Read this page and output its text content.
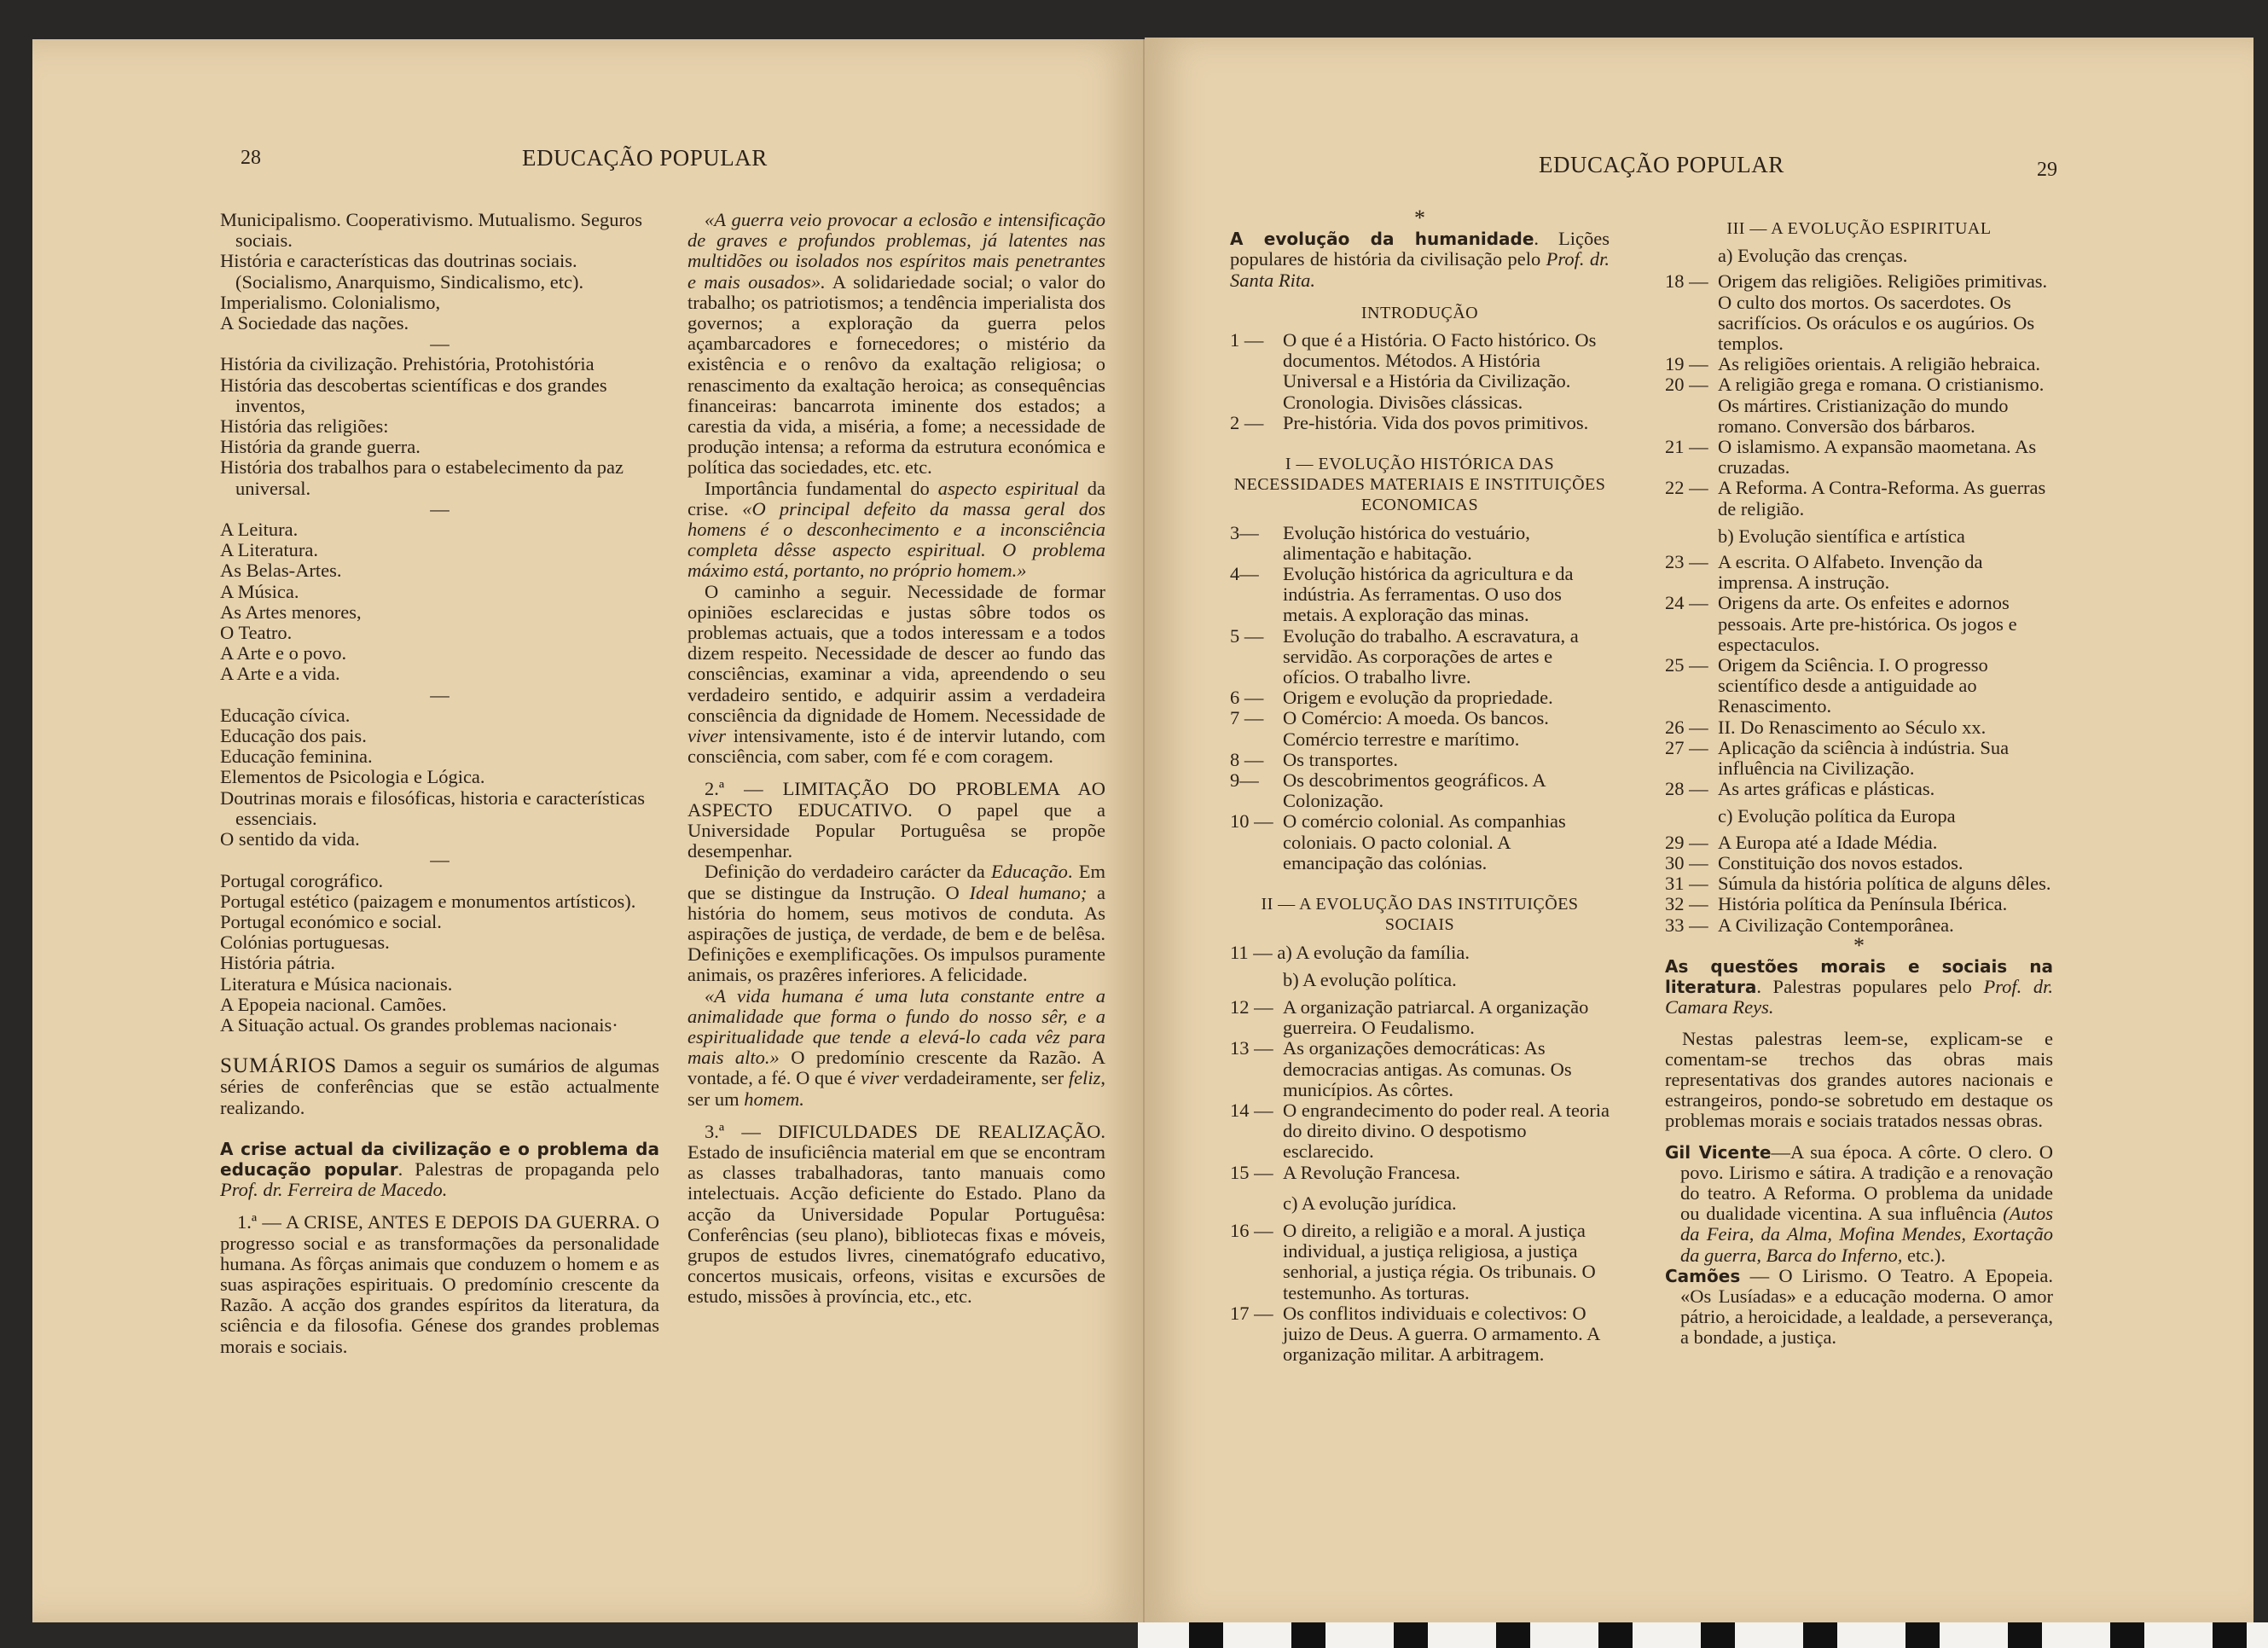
28	EDUCAÇÃO POPULAR

Municipalismo. Cooperativismo. Mutualismo. Seguros sociais.

História e características das doutrinas sociais. (Socialismo, Anarquismo, Sindicalismo, etc).

Imperialismo. Colonialismo,

A Sociedade das nações.

—

História da civilização. Prehistória, Protohistória

História das descobertas scientíficas e dos grandes inventos,

História das religiões:

História da grande guerra.

História dos trabalhos para o estabelecimento da paz universal.

—

A Leitura.

A Literatura.

As Belas-Artes.

A Música.

As Artes menores,

O Teatro.

A Arte e o povo.

A Arte e a vida.

—

Educação cívica.

Educação dos pais.

Educação feminina.

Elementos de Psicologia e Lógica.

Doutrinas morais e filosóficas, historia e características essenciais.

O sentido da vida.

—

Portugal corográfico.

Portugal estético (paizagem e monumentos artísticos).

Portugal económico e social.

Colónias portuguesas.

História pátria.

Literatura e Música nacionais.

A Epopeia nacional. Camões.

A Situação actual. Os grandes problemas nacionais·

SUMÁRIOS Damos a seguir os sumários de algumas séries de conferências que se estão actualmente realizando.

A crise actual da civilização e o problema da educação popular. Palestras de propaganda pelo Prof. dr. Ferreira de Macedo.

1.ª — A CRISE, ANTES E DEPOIS DA GUERRA. O progresso social e as transformações da personalidade humana. As fôrças animais que conduzem o homem e as suas aspirações espirituais. O predomínio crescente da Razão. A acção dos grandes espíritos da literatura, da sciência e da filosofia. Génese dos grandes problemas morais e sociais.

«A guerra veio provocar a eclosão e intensificação de graves e profundos problemas, já latentes nas multidões ou isolados nos espíritos mais penetrantes e mais ousados». A solidariedade social; o valor do trabalho; os patriotismos; a tendência imperialista dos governos; a exploração da guerra pelos açambarcadores e fornecedores; o mistério da existência e o renôvo da exaltação religiosa; o renascimento da exaltação heroica; as consequências financeiras: bancarrota iminente dos estados; a carestia da vida, a miséria, a fome; a necessidade de produção intensa; a reforma da estrutura económica e política das sociedades, etc. etc.

Importância fundamental do aspecto espiritual da crise. «O principal defeito da massa geral dos homens é o desconhecimento e a inconsciência completa dêsse aspecto espiritual. O problema máximo está, portanto, no próprio homem.»

O caminho a seguir. Necessidade de formar opiniões esclarecidas e justas sôbre todos os problemas actuais, que a todos interessam e a todos dizem respeito. Necessidade de descer ao fundo das consciências, examinar a vida, apreendendo o seu verdadeiro sentido, e adquirir assim a verdadeira consciência da dignidade de Homem. Necessidade de viver intensivamente, isto é de intervir lutando, com consciência, com saber, com fé e com coragem.

2.ª — LIMITAÇÃO DO PROBLEMA AO ASPECTO EDUCATIVO. O papel que a Universidade Popular Portuguêsa se propõe desempenhar.

Definição do verdadeiro carácter da Educação. Em que se distingue da Instrução. O Ideal humano; a história do homem, seus motivos de conduta. As aspirações de justiça, de verdade, de bem e de belêsa. Definições e exemplificações. Os impulsos puramente animais, os prazêres inferiores. A felicidade.

«A vida humana é uma luta constante entre a animalidade que forma o fundo do nosso sêr, e a espiritualidade que tende a elevá-lo cada vêz para mais alto.» O predomínio crescente da Razão. A vontade, a fé. O que é viver verdadeiramente, ser feliz, ser um homem.

3.ª — DIFICULDADES DE REALIZAÇÃO. Estado de insuficiência material em que se encontram as classes trabalhadoras, tanto manuais como intelectuais. Acção deficiente do Estado. Plano da acção da Universidade Popular Portuguêsa: Conferências (seu plano), bibliotecas fixas e móveis, grupos de estudos livres, cinematógrafo educativo, concertos musicais, orfeons, visitas e excursões de estudo, missões à província, etc., etc.

EDUCAÇÃO POPULAR	29

*

A evolução da humanidade. Lições populares de história da civilisação pelo Prof. dr. Santa Rita.

INTRODUÇÃO

1 —	O que é a História. O Facto histórico. Os documentos. Métodos. A História Universal e a História da Civilização. Cronologia. Divisões clássicas.
2 —	Pre-história. Vida dos povos primitivos.

I — EVOLUÇÃO HISTÓRICA DAS NECESSIDADES MATERIAIS E INSTITUIÇÕES ECONOMICAS

3—	Evolução histórica do vestuário, alimentação e habitação.
4—	Evolução histórica da agricultura e da indústria. As ferramentas. O uso dos metais. A exploração das minas.
5 —	Evolução do trabalho. A escravatura, a servidão. As corporações de artes e ofícios. O trabalho livre.
6 —	Origem e evolução da propriedade.
7 —	O Comércio: A moeda. Os bancos. Comércio terrestre e marítimo.
8 —	Os transportes.
9—	Os descobrimentos geográficos. A Colonização.
10 — O comércio colonial. As companhias coloniais. O pacto colonial. A emancipação das colónias.

II — A EVOLUÇÃO DAS INSTITUIÇÕES SOCIAIS

11 — a) A evolução da família.

b) A evolução política.

12 — A organização patriarcal. A organização guerreira. O Feudalismo.
13 — As organizações democráticas: As democracias antigas. As comunas. Os municípios. As côrtes.
14 — O engrandecimento do poder real. A teoria do direito divino. O despotismo esclarecido.
15 — A Revolução Francesa.

c) A evolução jurídica.

16 — O direito, a religião e a moral. A justiça individual, a justiça religiosa, a justiça senhorial, a justiça régia. Os tribunais. O testemunho. As torturas.
17 — Os conflitos individuais e colectivos: O juizo de Deus. A guerra. O armamento. A organização militar. A arbitragem.

III — A EVOLUÇÃO ESPIRITUAL

a) Evolução das crenças.

18 — Origem das religiões. Religiões primitivas. O culto dos mortos. Os sacerdotes. Os sacrifícios. Os oráculos e os augúrios. Os templos.
19 — As religiões orientais. A religião hebraica.
20 — A religião grega e romana. O cristianismo. Os mártires. Cristianização do mundo romano. Conversão dos bárbaros.
21 — O islamismo. A expansão maometana. As cruzadas.
22 — A Reforma. A Contra-Reforma. As guerras de religião.

b) Evolução sientífica e artística

23 — A escrita. O Alfabeto. Invenção da imprensa. A instrução.
24 — Origens da arte. Os enfeites e adornos pessoais. Arte pre-histórica. Os jogos e espectaculos.
25 — Origem da Sciência. I. O progresso scientífico desde a antiguidade ao Renascimento.
26 — II. Do Renascimento ao Século xx.
27 — Aplicação da sciência à indústria. Sua influência na Civilização.
28 — As artes gráficas e plásticas.

c) Evolução política da Europa

29 — A Europa até a Idade Média.
30 — Constituição dos novos estados.
31 — Súmula da história política de alguns dêles.
32 — História política da Península Ibérica.
33 — A Civilização Contemporânea.

*

As questões morais e sociais na literatura. Palestras populares pelo Prof. dr. Camara Reys.

Nestas palestras leem-se, explicam-se e comentam-se trechos das obras mais representativas dos grandes autores nacionais e estrangeiros, pondo-se sobretudo em destaque os problemas morais e sociais tratados nessas obras.

Gil Vicente—A sua época. A côrte. O clero. O povo. Lirismo e sátira. A tradição e a renovação do teatro. A Reforma. O problema da unidade ou dualidade vicentina. A sua influência (Autos da Feira, da Alma, Mofina Mendes, Exortação da guerra, Barca do Inferno, etc.).

Camões — O Lirismo. O Teatro. A Epopeia. «Os Lusíadas» e a educação moderna. O amor pátrio, a heroicidade, a lealdade, a perseverança, a bondade, a justiça.
